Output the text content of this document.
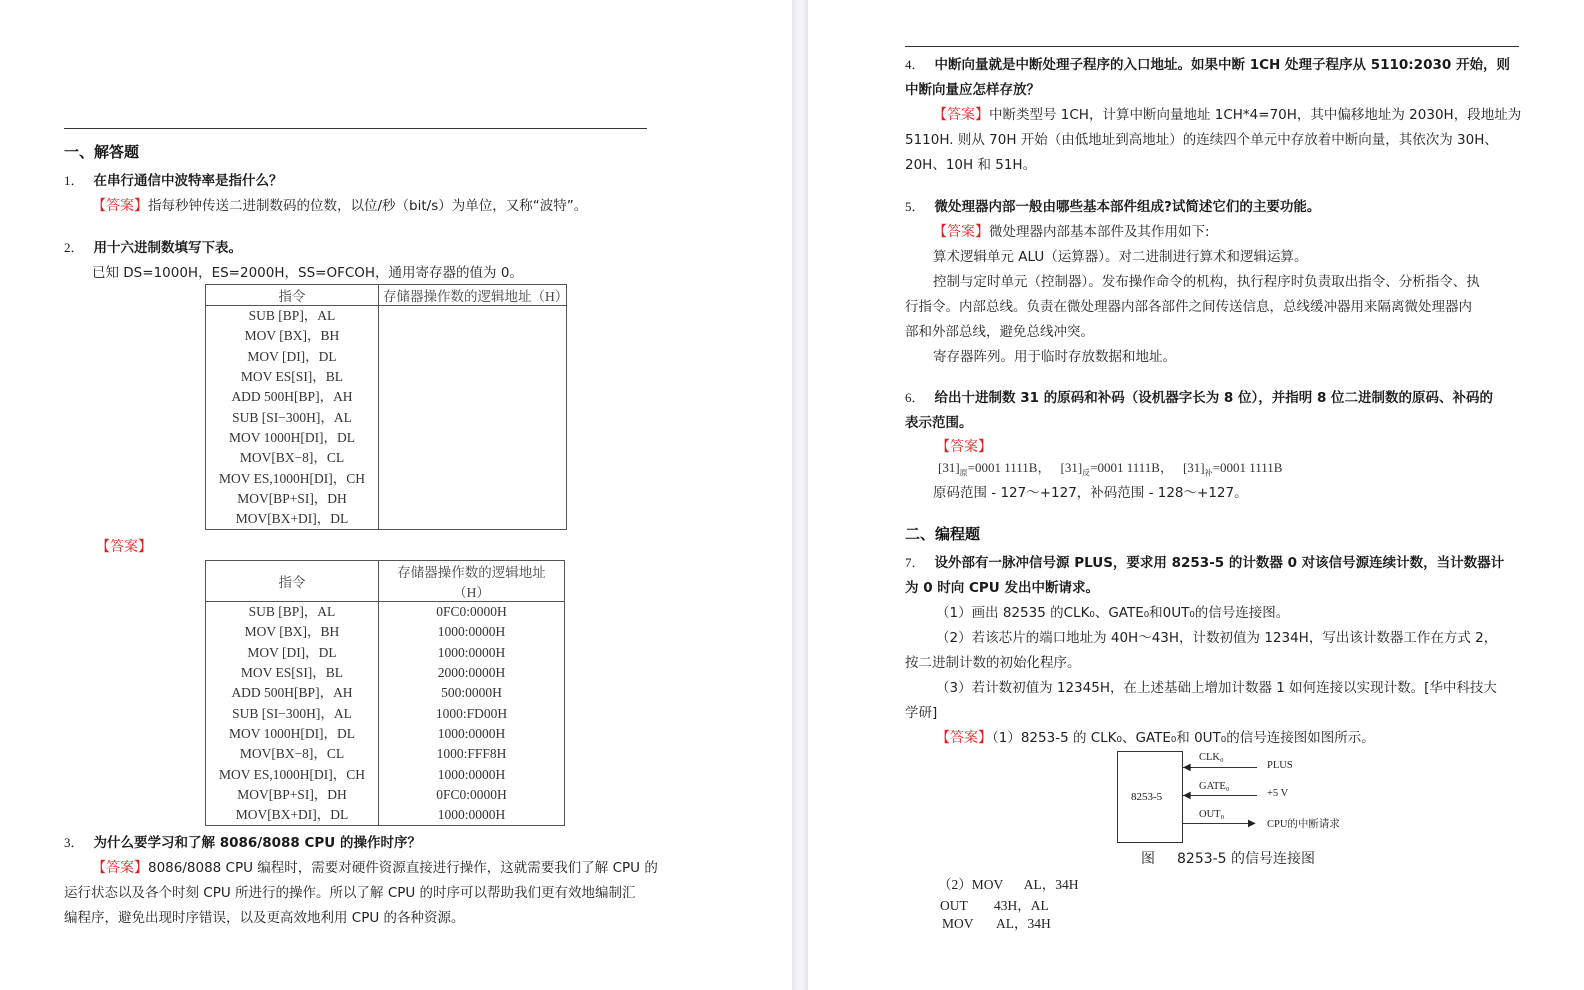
一、解答题
1． 在串行通信中波特率是指什么？
【答案】指每秒钟传送二进制数码的位数，以位/秒（bit/s）为单位，又称“波特”。
2． 用十六进制数填写下表。
已知 DS=1000H，ES=2000H，SS=OFCOH，通用寄存器的值为 0。
指令	存储器操作数的逻辑地址（H）
SUB [BP]，AL	
MOV [BX]，BH	
MOV [DI]，DL	
MOV ES[SI]，BL	
ADD 500H[BP]，AH	
SUB [SI−300H]，AL	
MOV 1000H[DI]，DL	
MOV[BX−8]，CL	
MOV ES,1000H[DI]，CH	
MOV[BP+SI]，DH	
MOV[BX+DI]，DL	
【答案】
指令	存储器操作数的逻辑地址（H）
SUB [BP]，AL	0FC0:0000H
MOV [BX]，BH	1000:0000H
MOV [DI]，DL	1000:0000H
MOV ES[SI]，BL	2000:0000H
ADD 500H[BP]，AH	500:0000H
SUB [SI−300H]，AL	1000:FD00H
MOV 1000H[DI]，DL	1000:0000H
MOV[BX−8]，CL	1000:FFF8H
MOV ES,1000H[DI]，CH	1000:0000H
MOV[BP+SI]，DH	0FC0:0000H
MOV[BX+DI]，DL	1000:0000H
3． 为什么要学习和了解 8086/8088 CPU 的操作时序？
【答案】8086/8088 CPU 编程时，需要对硬件资源直接进行操作，这就需要我们了解 CPU 的
运行状态以及各个时刻 CPU 所进行的操作。所以了解 CPU 的时序可以帮助我们更有效地编制汇
编程序，避免出现时序错误，以及更高效地利用 CPU 的各种资源。
4． 中断向量就是中断处理子程序的入口地址。如果中断 1CH 处理子程序从 5110:2030 开始，则
中断向量应怎样存放？
【答案】中断类型号 1CH，计算中断向量地址 1CH*4=70H，其中偏移地址为 2030H，段地址为
5110H. 则从 70H 开始（由低地址到高地址）的连续四个单元中存放着中断向量，其依次为 30H、
20H、10H 和 51H。
5． 微处理器内部一般由哪些基本部件组成?试简述它们的主要功能。
【答案】微处理器内部基本部件及其作用如下:
算术逻辑单元 ALU（运算器）。对二进制进行算术和逻辑运算。
控制与定时单元（控制器）。发布操作命令的机构，执行程序时负责取出指令、分析指令、执
行指令。内部总线。负责在微处理器内部各部件之间传送信息，总线缓冲器用来隔离微处理器内
部和外部总线，避免总线冲突。
寄存器阵列。用于临时存放数据和地址。
6． 给出十进制数 31 的原码和补码（设机器字长为 8 位），并指明 8 位二进制数的原码、补码的
表示范围。
【答案】
$[31]_原=0001$ 1111B， $[31]_反=0001$ 1111B， $[31]_补=0001$ 1111B
原码范围 - 127～+127，补码范围 - 128～+127。
二、编程题
7． 设外部有一脉冲信号源 PLUS，要求用 8253-5 的计数器 0 对该信号源连续计数，当计数器计
为 0 时向 CPU 发出中断请求。
（1）画出 82535 的CLK₀、GATE₀和0UT₀的信号连接图。
（2）若该芯片的端口地址为 40H～43H，计数初值为 1234H，写出该计数器工作在方式 2，
按二进制计数的初始化程序。
（3）若计数初值为 12345H，在上述基础上增加计数器 1 如何连接以实现计数。[华中科技大
学研]
【答案】（1）8253-5 的 CLK₀、GATE₀和 0UT₀的信号连接图如图所示。
8253-5
CLK₀
◀	PLUS
GATE₀
◀	+5 V
OUT₀
▶ CPU的中断请求
图 8253-5 的信号连接图
（2）MOV AL，34H
OUT 43H，AL
MOV AL，34H
